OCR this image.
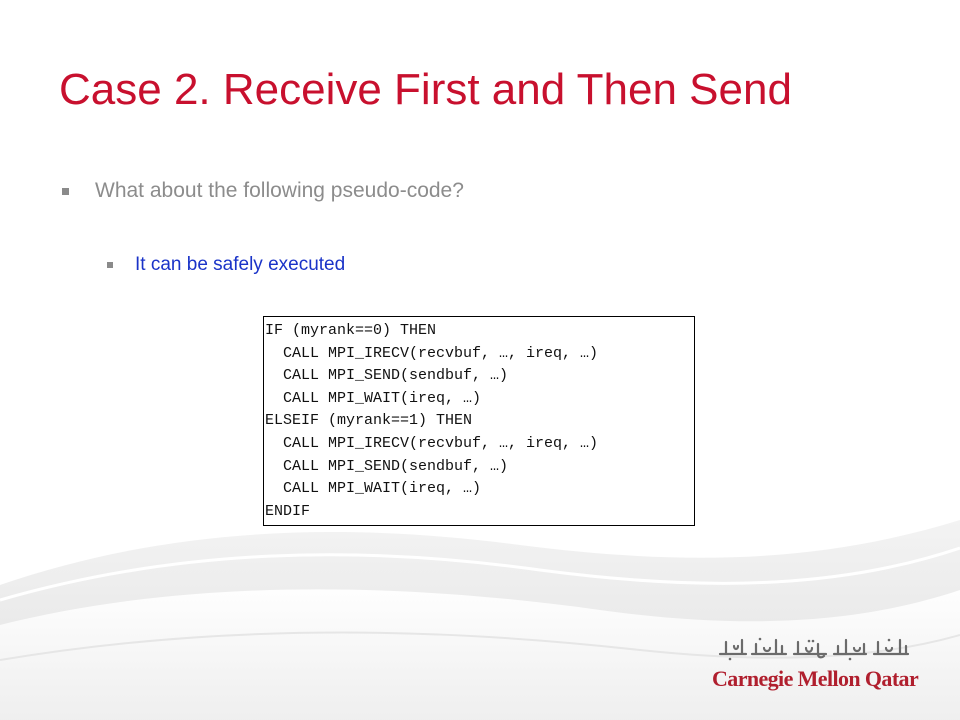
Case 2. Receive First and Then Send
What about the following pseudo-code?
It can be safely executed
IF (myrank==0) THEN
CALL MPI_IRECV(recvbuf, …, ireq, …)
CALL MPI_SEND(sendbuf, …)
CALL MPI_WAIT(ireq, …)
ELSEIF (myrank==1) THEN
CALL MPI_IRECV(recvbuf, …, ireq, …)
CALL MPI_SEND(sendbuf, …)
CALL MPI_WAIT(ireq, …)
ENDIF
Carnegie Mellon Qatar
